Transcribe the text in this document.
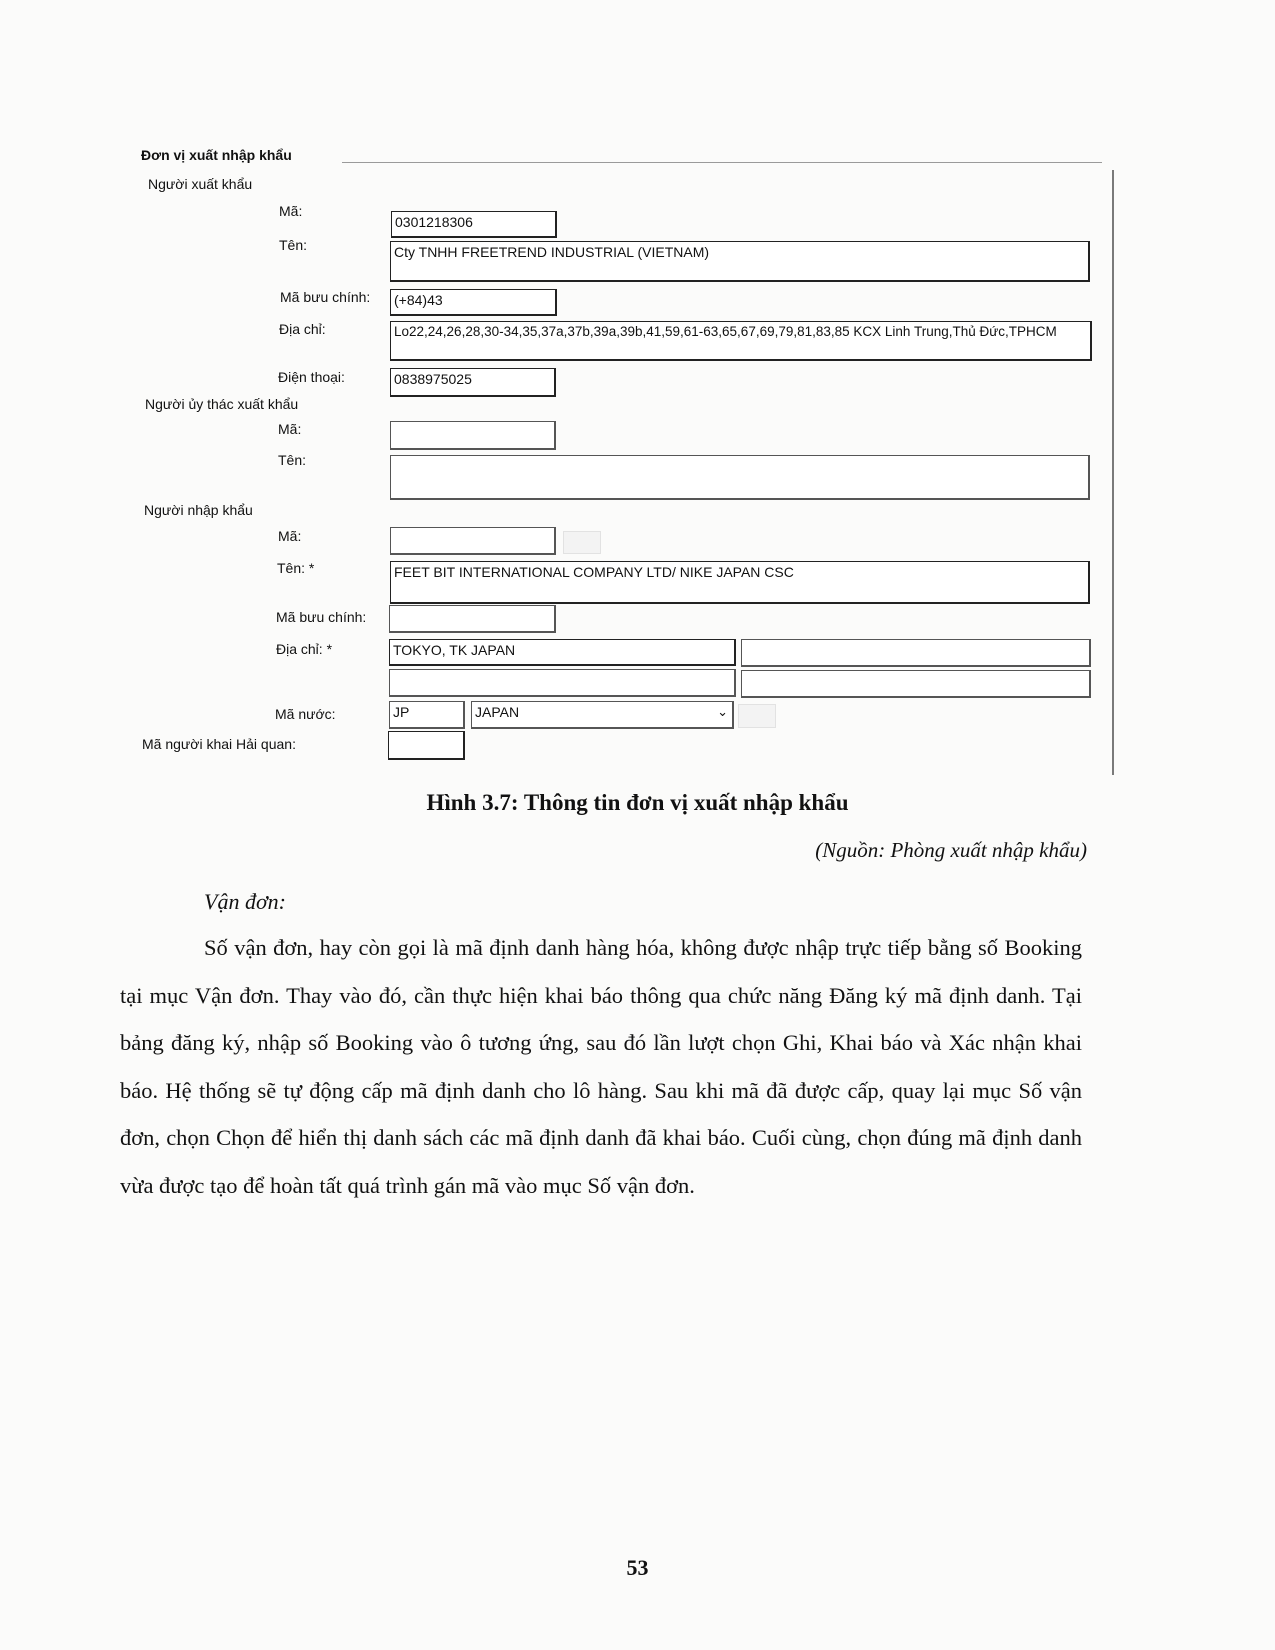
Đơn vị xuất nhập khẩu
Người xuất khẩu
Mã:
0301218306
Tên:	Cty TNHH FREETREND INDUSTRIAL (VIETNAM)
Mã bưu chính: (+84)43
Địa chỉ:	Lo22,24,26,28,30-34,35,37a,37b,39a,39b,41,59,61-63,65,67,69,79,81,83,85 KCX Linh Trung,Thủ Đức,TPHCM
Điện thoại:	0838975025
Người ủy thác xuất khẩu
Mã:
Tên:
Người nhập khẩu
Mã:
Tên: *	FEET BIT INTERNATIONAL COMPANY LTD/ NIKE JAPAN CSC
Mã bưu chính:
Địa chỉ: *	TOKYO, TK JAPAN
Mã nước:	JP	JAPAN	⌄
Mã người khai Hải quan:
Hình 3.7: Thông tin đơn vị xuất nhập khẩu
(Nguồn: Phòng xuất nhập khẩu)
Vận đơn:
Số vận đơn, hay còn gọi là mã định danh hàng hóa, không được nhập trực tiếp bằng số Booking tại mục Vận đơn. Thay vào đó, cần thực hiện khai báo thông qua chức năng Đăng ký mã định danh. Tại bảng đăng ký, nhập số Booking vào ô tương ứng, sau đó lần lượt chọn Ghi, Khai báo và Xác nhận khai báo. Hệ thống sẽ tự động cấp mã định danh cho lô hàng. Sau khi mã đã được cấp, quay lại mục Số vận đơn, chọn Chọn để hiển thị danh sách các mã định danh đã khai báo. Cuối cùng, chọn đúng mã định danh vừa được tạo để hoàn tất quá trình gán mã vào mục Số vận đơn.
53
